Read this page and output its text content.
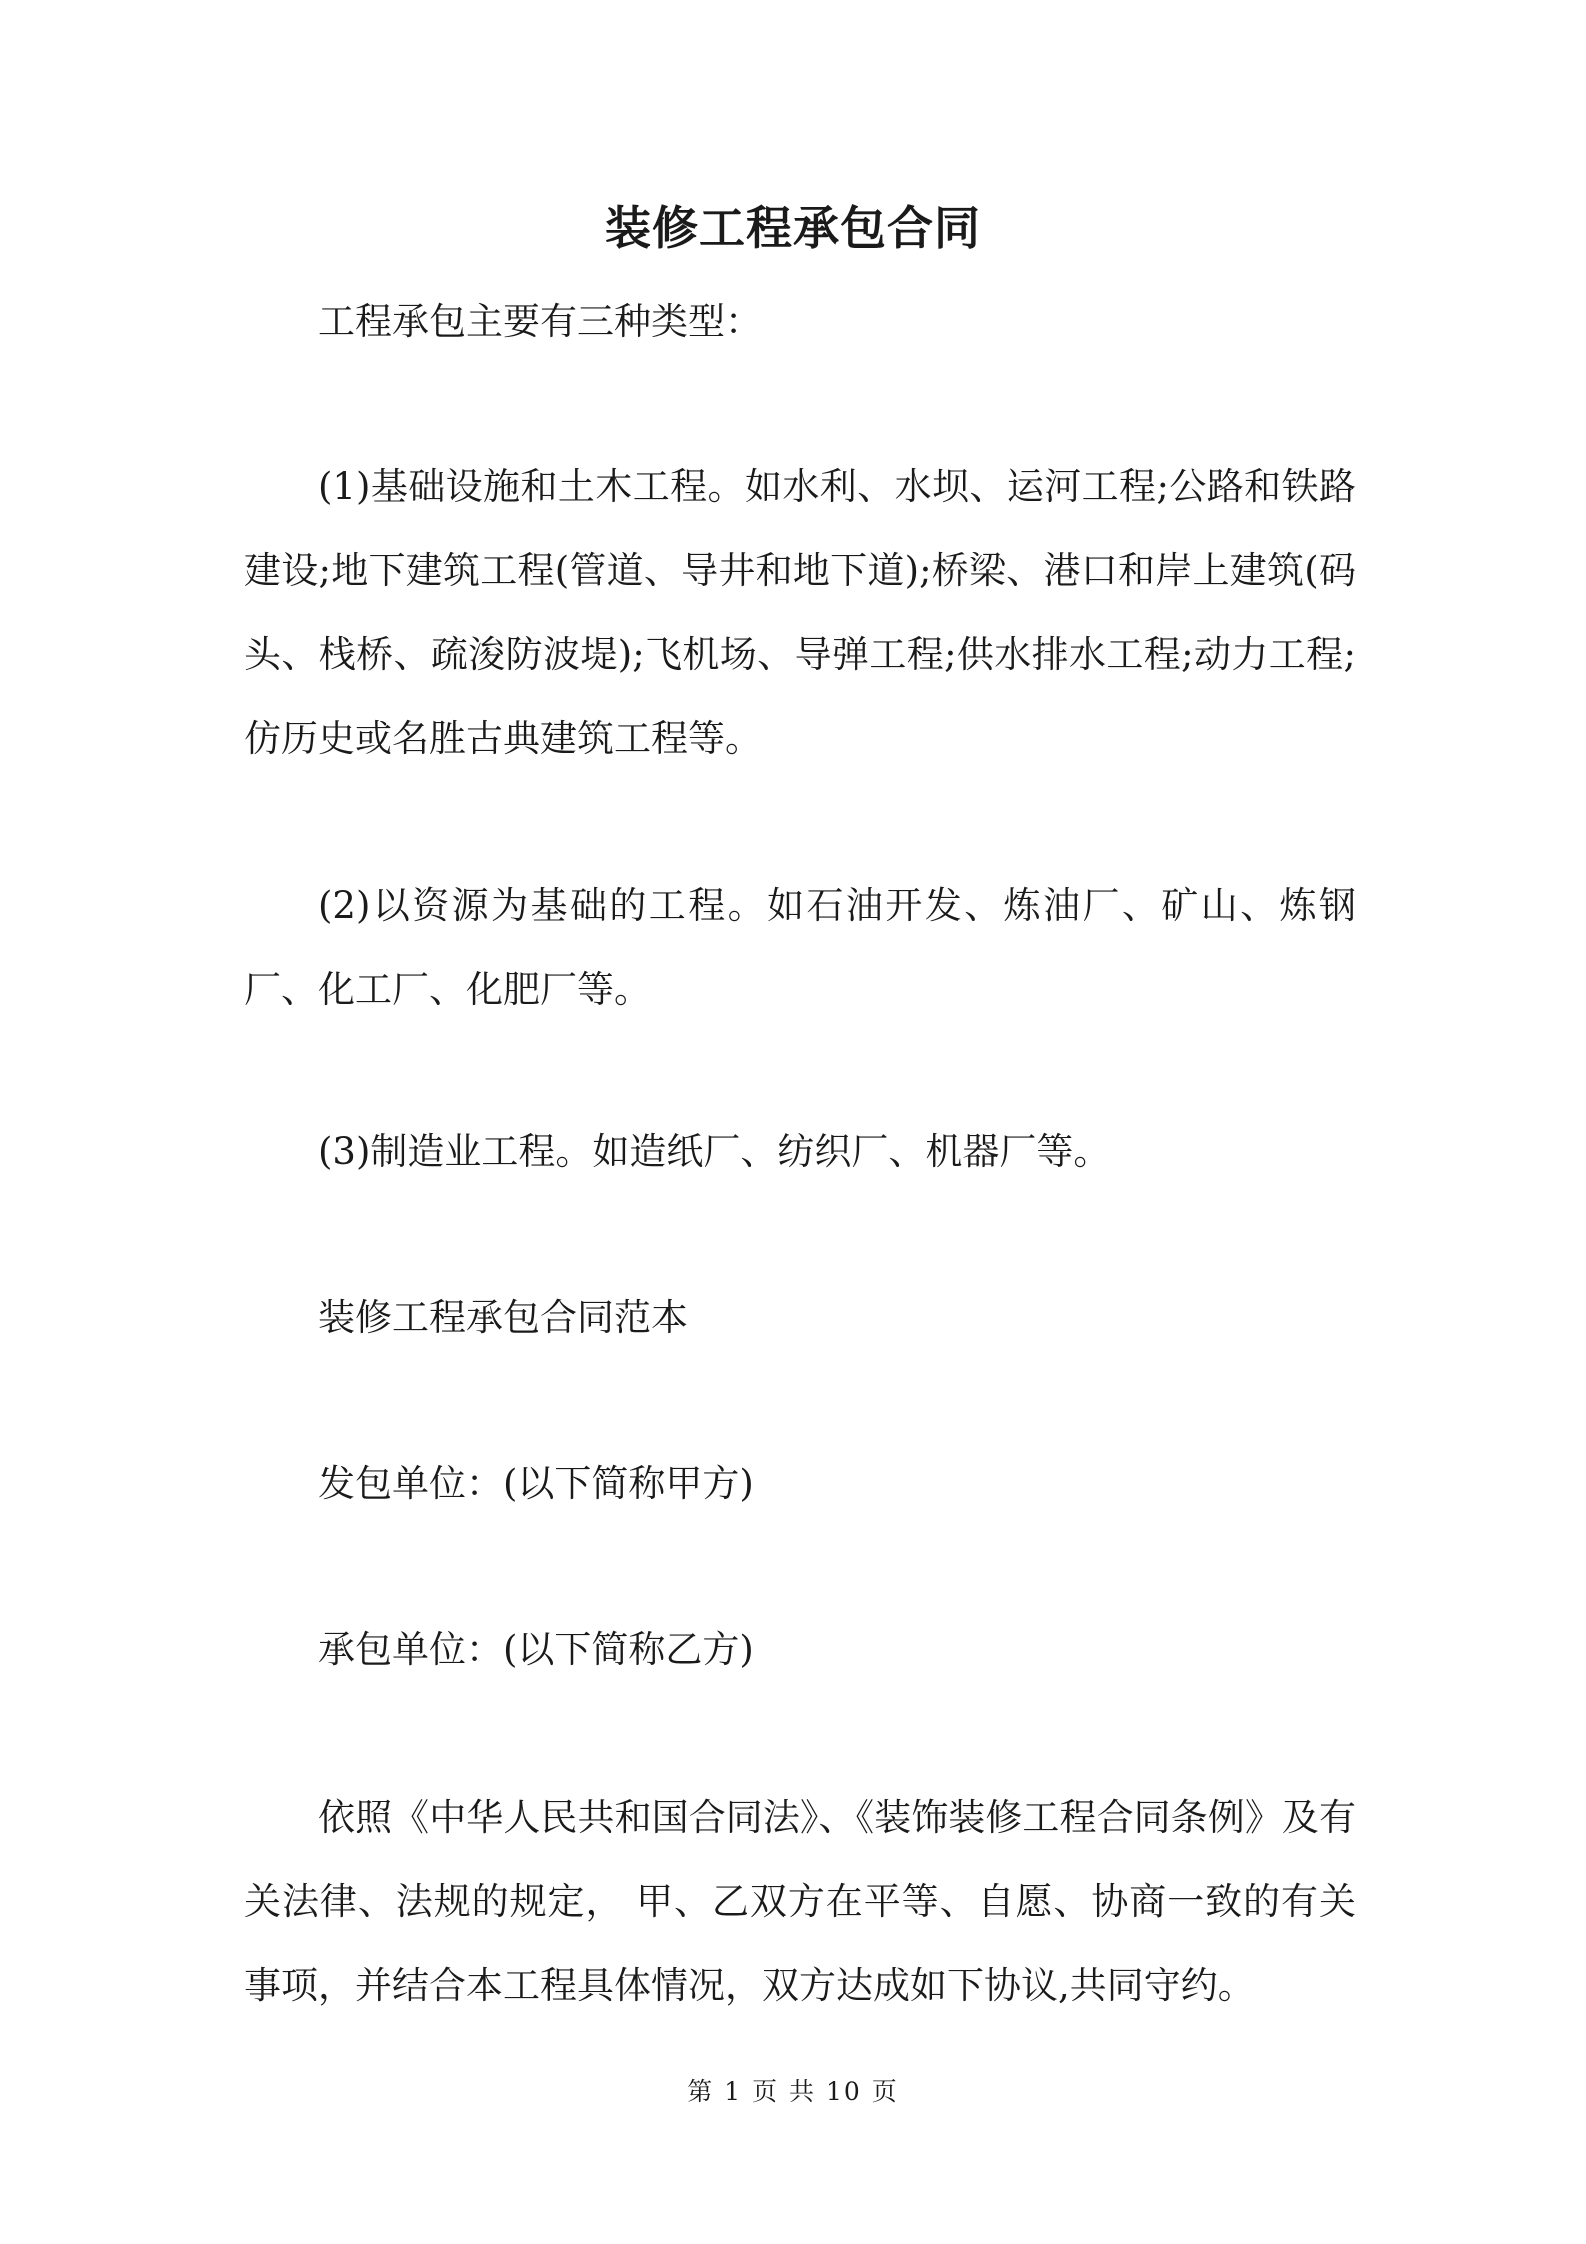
装修工程承包合同

工程承包主要有三种类型：

(1)基础设施和土木工程。如水利、水坝、运河工程;公路和铁路建设;地下建筑工程(管道、导井和地下道);桥梁、港口和岸上建筑(码头、栈桥、疏浚防波堤);飞机场、导弹工程;供水排水工程;动力工程;仿历史或名胜古典建筑工程等。

(2)以资源为基础的工程。如石油开发、炼油厂、矿山、炼钢厂、化工厂、化肥厂等。

(3)制造业工程。如造纸厂、纺织厂、机器厂等。

装修工程承包合同范本

发包单位：(以下简称甲方)

承包单位：(以下简称乙方)

依照《中华人民共和国合同法》、《装饰装修工程合同条例》及有关法律、法规的规定， 甲、乙双方在平等、自愿、协商一致的有关事项，并结合本工程具体情况，双方达成如下协议,共同守约。

第 1 页 共 10 页
